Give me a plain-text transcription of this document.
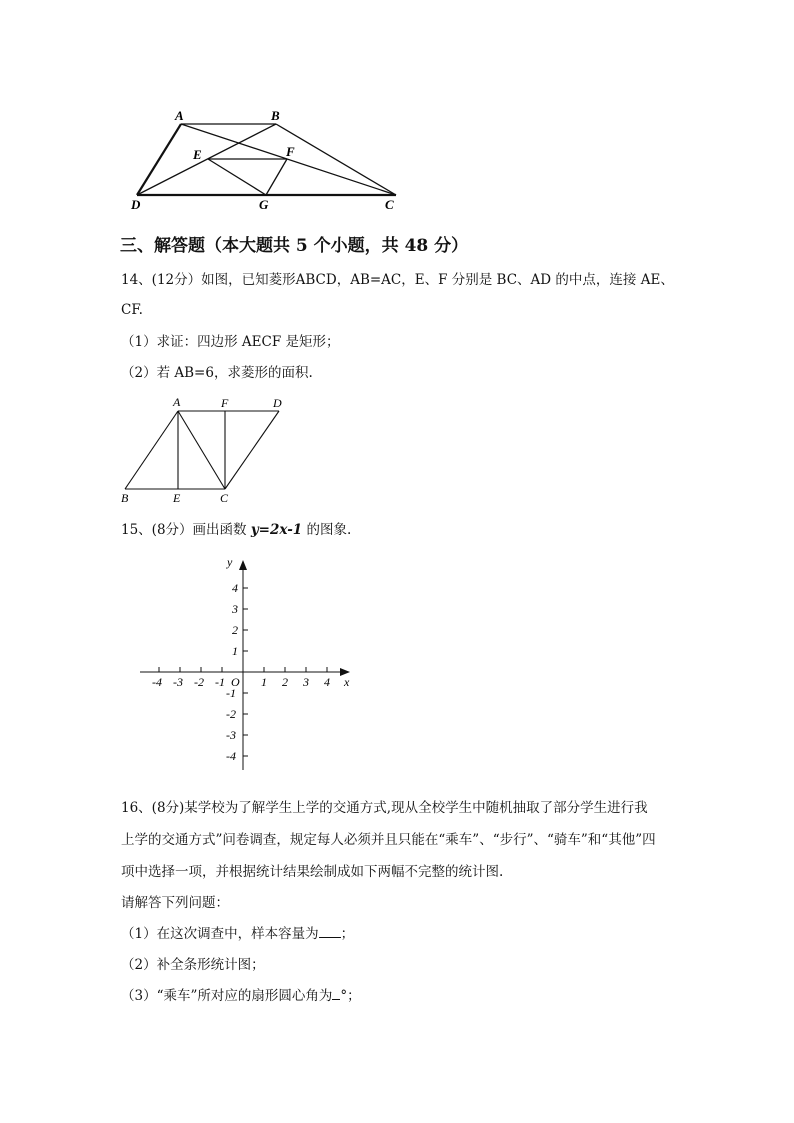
A	B
E	F
D	G	C
三、解答题（本大题共 5 个小题，共 48 分）
14、(12分）如图，已知菱形ABCD，AB=AC，E、F 分别是 BC、AD 的中点，连接 AE、
CF.
（1）求证：四边形 AECF 是矩形；
（2）若 AB=6，求菱形的面积.
A	F	D
B	E	C
15、(8分）画出函数 y=2x-1 的图象.
y
x
O
-4 -3 -2 -1	1 2 3 4
4
3
2
1
-1
-2
-3
-4
16、(8分)某学校为了解学生上学的交通方式,现从全校学生中随机抽取了部分学生进行我
上学的交通方式”问卷调查，规定每人必须并且只能在“乘车”、“步行”、“骑车”和“其他”四
项中选择一项，并根据统计结果绘制成如下两幅不完整的统计图.
请解答下列问题：
（1）在这次调查中，样本容量为 ；
（2）补全条形统计图；
（3）“乘车”所对应的扇形圆心角为 °；
